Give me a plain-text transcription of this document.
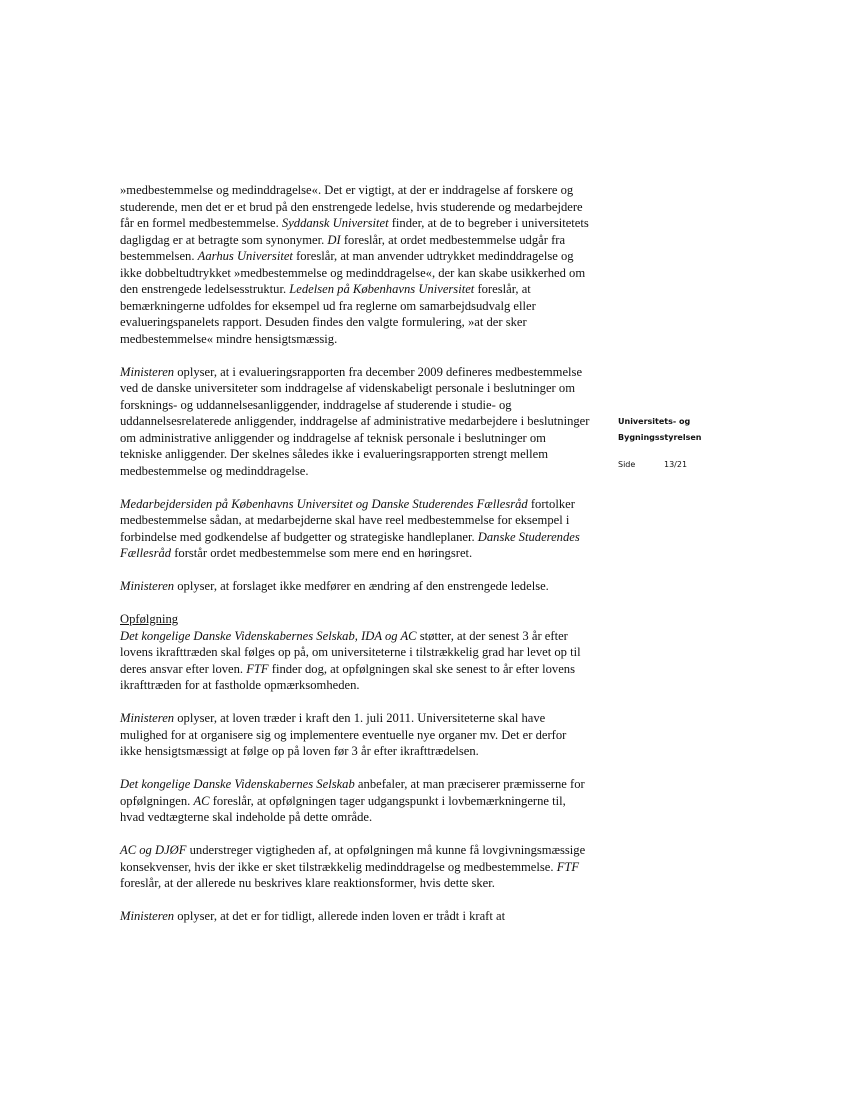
»medbestemmelse og medinddragelse«. Det er vigtigt, at der er inddragelse af forskere og studerende, men det er et brud på den enstrengede ledelse, hvis studerende og medarbejdere får en formel medbestemmelse. Syddansk Universitet finder, at de to begreber i universitetets dagligdag er at betragte som synonymer. DI foreslår, at ordet medbestemmelse udgår fra bestemmelsen. Aarhus Universitet foreslår, at man anvender udtrykket medinddragelse og ikke dobbeltudtrykket »medbestemmelse og medinddragelse«, der kan skabe usikkerhed om den enstrengede ledelsesstruktur. Ledelsen på Københavns Universitet foreslår, at bemærkningerne udfoldes for eksempel ud fra reglerne om samarbejdsudvalg eller evalueringspanelets rapport. Desuden findes den valgte formulering, »at der sker medbestemmelse« mindre hensigtsmæssig.

Ministeren oplyser, at i evalueringsrapporten fra december 2009 defineres medbestemmelse ved de danske universiteter som inddragelse af videnskabeligt personale i beslutninger om forsknings- og uddannelsesanliggender, inddragelse af studerende i studie- og uddannelsesrelaterede anliggender, inddragelse af administrative medarbejdere i beslutninger om administrative anliggender og inddragelse af teknisk personale i beslutninger om tekniske anliggender. Der skelnes således ikke i evalueringsrapporten strengt mellem medbestemmelse og medinddragelse.

Medarbejdersiden på Københavns Universitet og Danske Studerendes Fællesråd fortolker medbestemmelse sådan, at medarbejderne skal have reel medbestemmelse for eksempel i forbindelse med godkendelse af budgetter og strategiske handleplaner. Danske Studerendes Fællesråd forstår ordet medbestemmelse som mere end en høringsret.

Ministeren oplyser, at forslaget ikke medfører en ændring af den enstrengede ledelse.

Opfølgning

Det kongelige Danske Videnskabernes Selskab, IDA og AC støtter, at der senest 3 år efter lovens ikrafttræden skal følges op på, om universiteterne i tilstrækkelig grad har levet op til deres ansvar efter loven. FTF finder dog, at opfølgningen skal ske senest to år efter lovens ikrafttræden for at fastholde opmærksomheden.

Ministeren oplyser, at loven træder i kraft den 1. juli 2011. Universiteterne skal have mulighed for at organisere sig og implementere eventuelle nye organer mv. Det er derfor ikke hensigtsmæssigt at følge op på loven før 3 år efter ikrafttrædelsen.

Det kongelige Danske Videnskabernes Selskab anbefaler, at man præciserer præmisserne for opfølgningen. AC foreslår, at opfølgningen tager udgangspunkt i lovbemærkningerne til, hvad vedtægterne skal indeholde på dette område.

AC og DJØF understreger vigtigheden af, at opfølgningen må kunne få lovgivningsmæssige konsekvenser, hvis der ikke er sket tilstrækkelig medinddragelse og medbestemmelse. FTF foreslår, at der allerede nu beskrives klare reaktionsformer, hvis dette sker.

Ministeren oplyser, at det er for tidligt, allerede inden loven er trådt i kraft at

Universitets- og
Bygningsstyrelsen
Side	13/21
